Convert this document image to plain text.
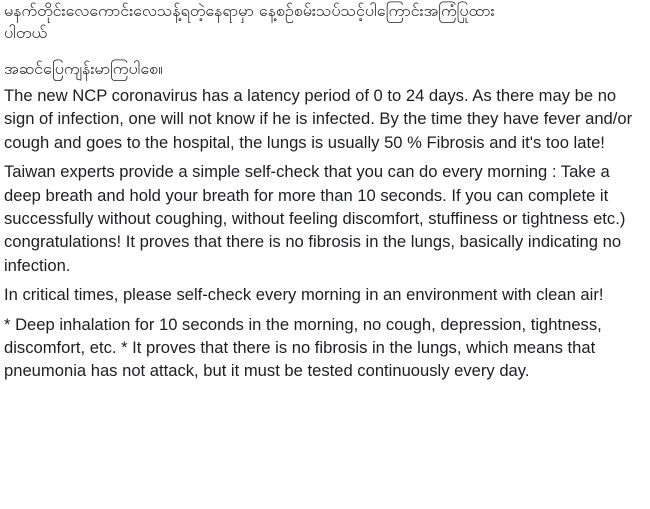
မနက်တိုင်းလေကောင်းလေသန့်ရတဲ့နေရာမှာ နေ့စဉ်စမ်းသပ်သင့်ပါကြောင်းအကြံပြုထား

ပါတယ်

အဆင်ပြေကျန်းမာကြပါစေ။

The new NCP coronavirus has a latency period of 0 to 24 days. As there may be no sign of infection, one will not know if he is infected. By the time they have fever and/or cough and goes to the hospital, the lungs is usually 50 % Fibrosis and it's too late!

Taiwan experts provide a simple self-check that you can do every morning : Take a deep breath and hold your breath for more than 10 seconds. If you can complete it successfully without coughing, without feeling discomfort, stuffiness or tightness etc.) congratulations! It proves that there is no fibrosis in the lungs, basically indicating no infection.

In critical times, please self-check every morning in an environment with clean air!

* Deep inhalation for 10 seconds in the morning, no cough, depression, tightness, discomfort, etc. * It proves that there is no fibrosis in the lungs, which means that pneumonia has not attack, but it must be tested continuously every day.
